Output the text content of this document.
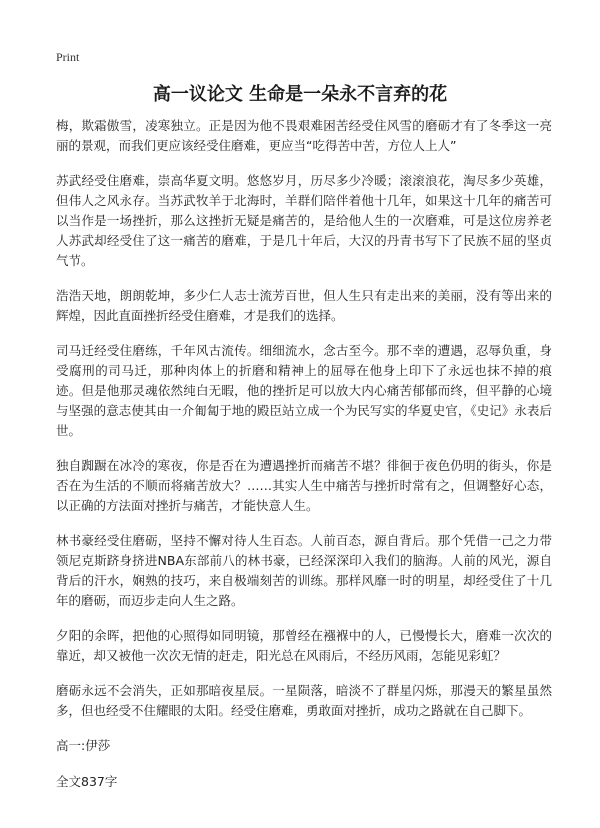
Print
高一议论文 生命是一朵永不言弃的花

梅，欺霜傲雪，凌寒独立。正是因为他不畏艰难困苦经受住风雪的磨砺才有了冬季这一亮丽的景观，而我们更应该经受住磨难，更应当“吃得苦中苦，方位人上人”

苏武经受住磨难，崇高华夏文明。悠悠岁月，历尽多少冷暖；滚滚浪花，淘尽多少英雄，但伟人之风永存。当苏武牧羊于北海时，羊群们陪伴着他十几年，如果这十几年的痛苦可以当作是一场挫折，那么这挫折无疑是痛苦的，是给他人生的一次磨难，可是这位房养老人苏武却经受住了这一痛苦的磨难，于是几十年后，大汉的丹青书写下了民族不屈的坚贞气节。

浩浩天地，朗朗乾坤，多少仁人志士流芳百世，但人生只有走出来的美丽，没有等出来的辉煌，因此直面挫折经受住磨难，才是我们的选择。

司马迁经受住磨练，千年风古流传。细细流水，念古至今。那不幸的遭遇，忍辱负重，身受腐刑的司马迁，那种肉体上的折磨和精神上的屈辱在他身上印下了永远也抹不掉的痕迹。但是他那灵魂依然纯白无暇，他的挫折足可以放大内心痛苦郁郁而终，但平静的心境与坚强的意志使其由一介匍匐于地的殿臣站立成一个为民写实的华夏史官，《史记》永表后世。

独自踟蹰在冰冷的寒夜，你是否在为遭遇挫折而痛苦不堪？徘徊于夜色仍明的街头，你是否在为生活的不顺而将痛苦放大？……其实人生中痛苦与挫折时常有之，但调整好心态，以正确的方法面对挫折与痛苦，才能快意人生。

林书豪经受住磨砺，坚持不懈对待人生百态。人前百态，源自背后。那个凭借一己之力带领尼克斯跻身挤进NBA东部前八的林书豪，已经深深印入我们的脑海。人前的风光，源自背后的汗水，娴熟的技巧，来自极端刻苦的训练。那样风靡一时的明星，却经受住了十几年的磨砺，而迈步走向人生之路。

夕阳的余晖，把他的心照得如同明镜，那曾经在襁褓中的人，已慢慢长大，磨难一次次的靠近，却又被他一次次无情的赶走，阳光总在风雨后，不经历风雨，怎能见彩虹？

磨砺永远不会消失，正如那暗夜星辰。一星陨落，暗淡不了群星闪烁，那漫天的繁星虽然多，但也经受不住耀眼的太阳。经受住磨难，勇敢面对挫折，成功之路就在自己脚下。

高一:伊莎
全文837字
